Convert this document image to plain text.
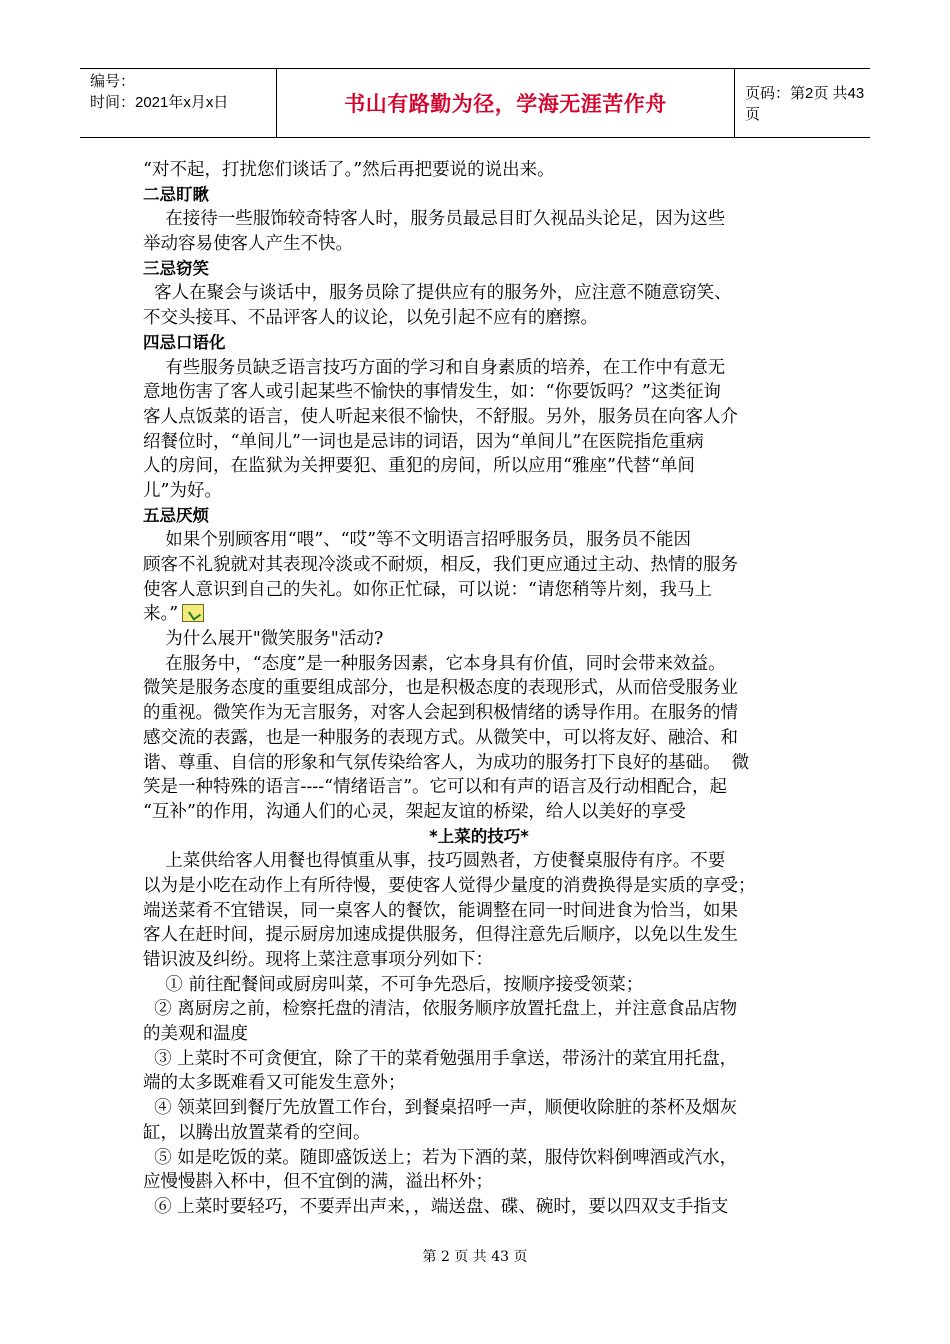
编号：
时间：2021年x月x日	书山有路勤为径，学海无涯苦作舟	页码：第2页 共43页
“对不起，打扰您们谈话了。”然后再把要说的说出来。
二忌盯瞅
在接待一些服饰较奇特客人时，服务员最忌目盯久视品头论足，因为这些
举动容易使客人产生不快。
三忌窃笑
客人在聚会与谈话中，服务员除了提供应有的服务外，应注意不随意窃笑、
不交头接耳、不品评客人的议论，以免引起不应有的磨擦。
四忌口语化
有些服务员缺乏语言技巧方面的学习和自身素质的培养，在工作中有意无
意地伤害了客人或引起某些不愉快的事情发生，如：“你要饭吗？”这类征询
客人点饭菜的语言，使人听起来很不愉快，不舒服。另外，服务员在向客人介
绍餐位时，“单间儿”一词也是忌讳的词语，因为“单间儿”在医院指危重病
人的房间，在监狱为关押要犯、重犯的房间，所以应用“雅座”代替“单间
儿”为好。
五忌厌烦
如果个别顾客用“喂”、“哎”等不文明语言招呼服务员，服务员不能因
顾客不礼貌就对其表现冷淡或不耐烦，相反，我们更应通过主动、热情的服务
使客人意识到自己的失礼。如你正忙碌，可以说：“请您稍等片刻，我马上
来。”
为什么展开"微笑服务"活动?
在服务中，“态度”是一种服务因素，它本身具有价值，同时会带来效益。
微笑是服务态度的重要组成部分，也是积极态度的表现形式，从而倍受服务业
的重视。微笑作为无言服务，对客人会起到积极情绪的诱导作用。在服务的情
感交流的表露，也是一种服务的表现方式。从微笑中，可以将友好、融洽、和
谐、尊重、自信的形象和气氛传染给客人，为成功的服务打下良好的基础。  微
笑是一种特殊的语言----“情绪语言”。它可以和有声的语言及行动相配合，起
“互补”的作用，沟通人们的心灵，架起友谊的桥梁，给人以美好的享受
*上菜的技巧*
上菜供给客人用餐也得慎重从事，技巧圆熟者，方使餐桌服侍有序。不要
以为是小吃在动作上有所待慢，要使客人觉得少量度的消费换得是实质的享受；
端送菜肴不宜错误，同一桌客人的餐饮，能调整在同一时间进食为恰当，如果
客人在赶时间，提示厨房加速成提供服务，但得注意先后顺序，以免以生发生
错识波及纠纷。现将上菜注意事项分列如下：
① 前往配餐间或厨房叫菜，不可争先恐后，按顺序接受领菜；
② 离厨房之前，检察托盘的清洁，依服务顺序放置托盘上，并注意食品店物
的美观和温度
③ 上菜时不可贪便宜，除了干的菜肴勉强用手拿送，带汤汁的菜宜用托盘，
端的太多既难看又可能发生意外；
④ 领菜回到餐厅先放置工作台，到餐桌招呼一声，顺便收除脏的茶杯及烟灰
缸，以腾出放置菜肴的空间。
⑤ 如是吃饭的菜。随即盛饭送上；若为下酒的菜，服侍饮料倒啤酒或汽水，
应慢慢斟入杯中，但不宜倒的满，溢出杯外；
⑥ 上菜时要轻巧，不要弄出声来，，端送盘、碟、碗时，要以四双支手指支
第 2 页 共 43 页
